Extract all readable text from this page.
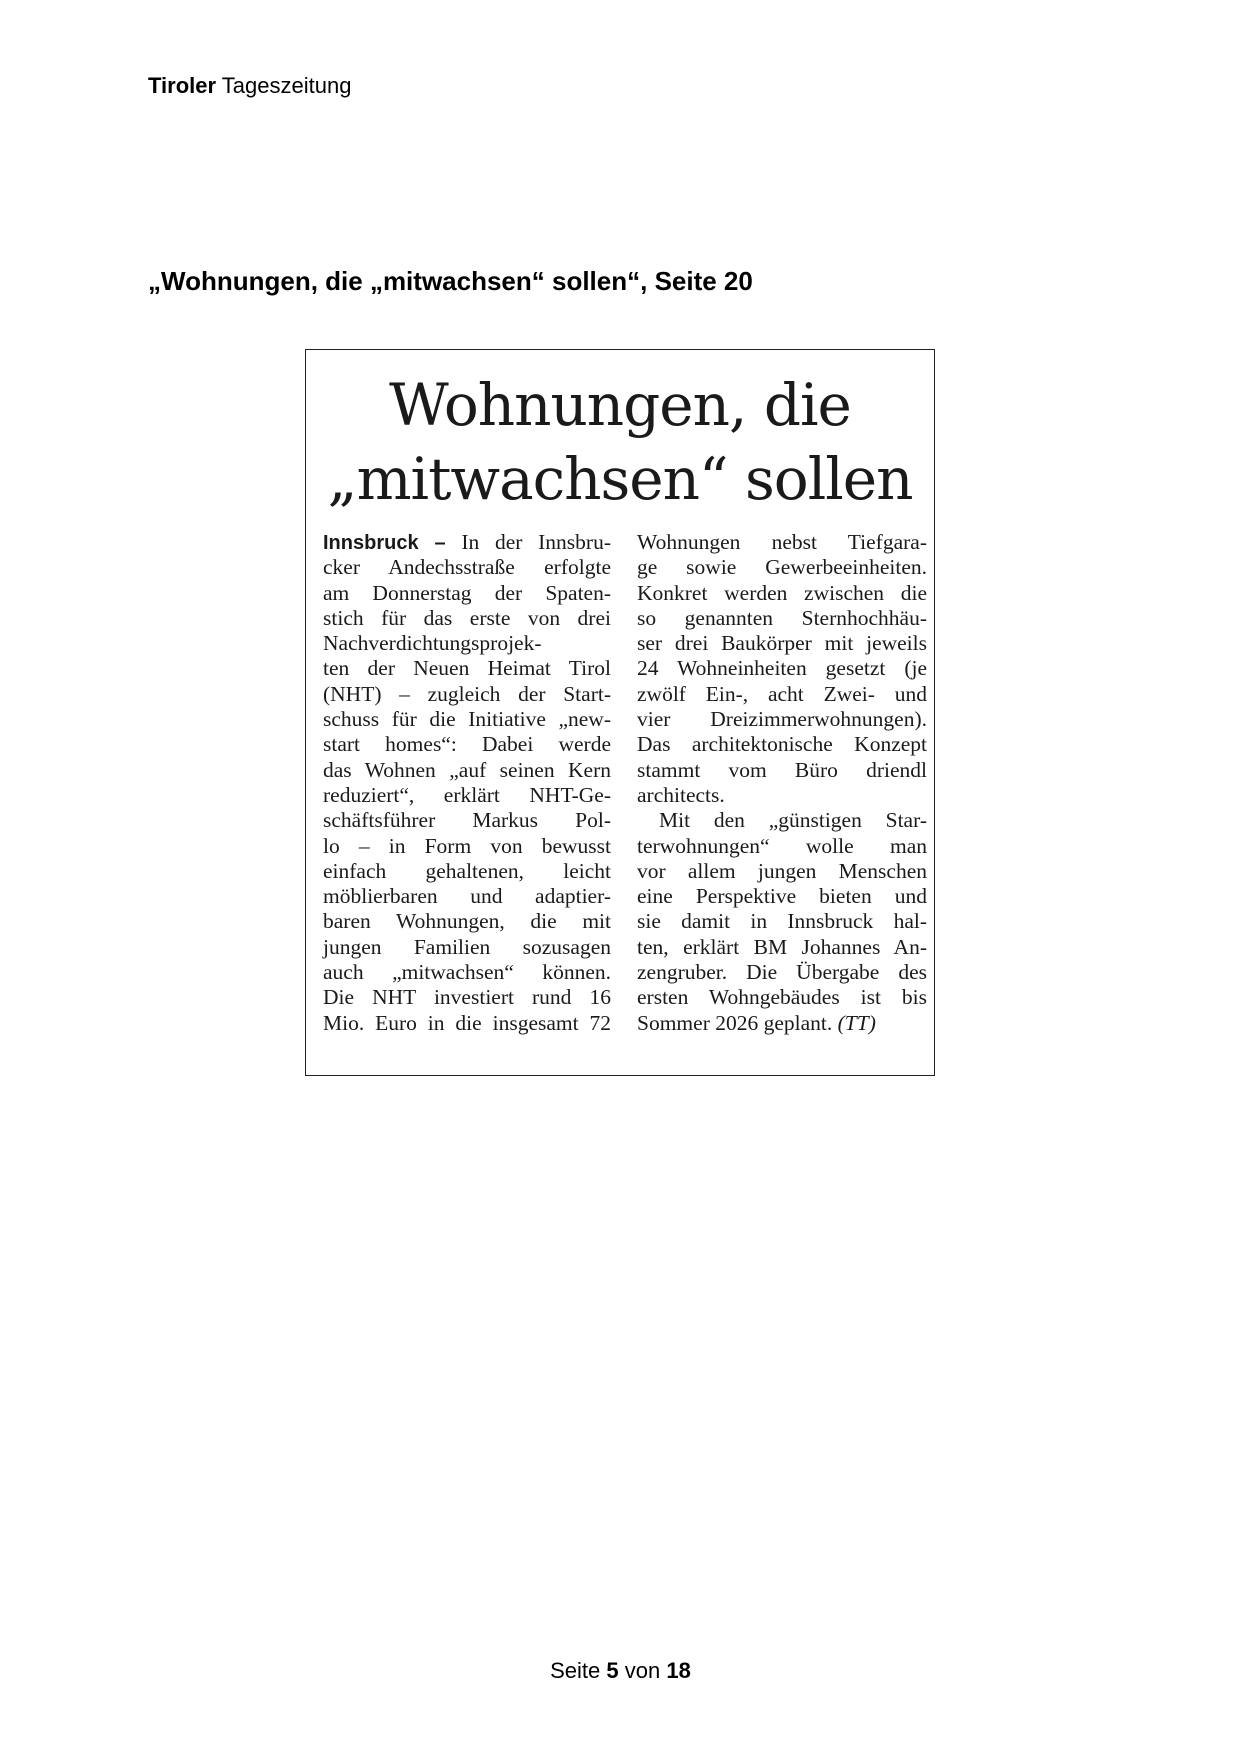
Tiroler Tageszeitung
„Wohnungen, die „mitwachsen“ sollen“, Seite 20
Wohnungen, die
„mitwachsen“ sollen
Innsbruck – In der Innsbru-
cker Andechsstraße erfolgte
am Donnerstag der Spaten-
stich für das erste von drei
Nachverdichtungsprojek-
ten der Neuen Heimat Tirol
(NHT) – zugleich der Start-
schuss für die Initiative „new-
start homes“: Dabei werde
das Wohnen „auf seinen Kern
reduziert“, erklärt NHT-Ge-
schäftsführer Markus Pol-
lo – in Form von bewusst
einfach gehaltenen, leicht
möblierbaren und adaptier-
baren Wohnungen, die mit
jungen Familien sozusagen
auch „mitwachsen“ können.
Die NHT investiert rund 16
Mio. Euro in die insgesamt 72
Wohnungen nebst Tiefgara-
ge sowie Gewerbeeinheiten.
Konkret werden zwischen die
so genannten Sternhochhäu-
ser drei Baukörper mit jeweils
24 Wohneinheiten gesetzt (je
zwölf Ein-, acht Zwei- und
vier Dreizimmerwohnungen).
Das architektonische Konzept
stammt vom Büro driendl
architects.
Mit den „günstigen Star-
terwohnungen“ wolle man
vor allem jungen Menschen
eine Perspektive bieten und
sie damit in Innsbruck hal-
ten, erklärt BM Johannes An-
zengruber. Die Übergabe des
ersten Wohngebäudes ist bis
Sommer 2026 geplant. (TT)
Seite 5 von 18
